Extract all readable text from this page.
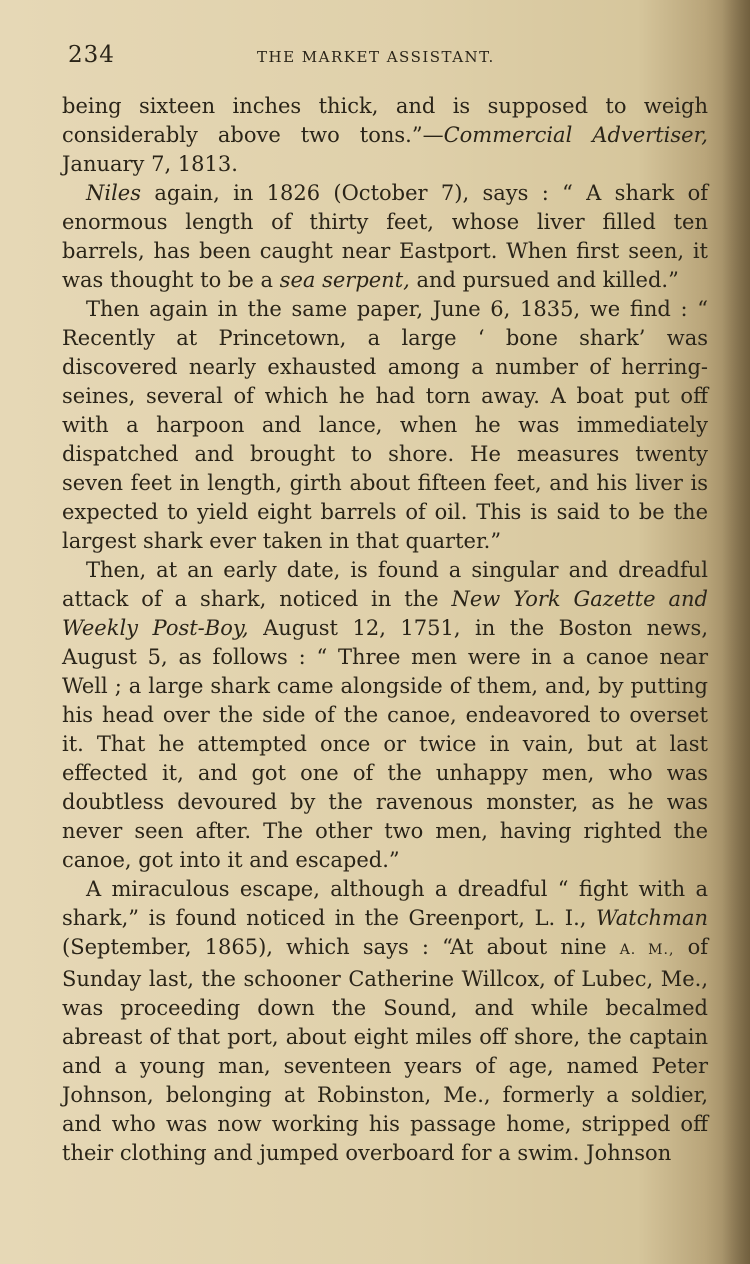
234	THE MARKET ASSISTANT.

being sixteen inches thick, and is supposed to weigh considerably above two tons.”—Commercial Advertiser, January 7, 1813.

Niles again, in 1826 (October 7), says : “ A shark of enormous length of thirty feet, whose liver filled ten barrels, has been caught near Eastport. When first seen, it was thought to be a sea serpent, and pursued and killed.”

Then again in the same paper, June 6, 1835, we find : “ Recently at Princetown, a large ‘ bone shark’ was discovered nearly exhausted among a number of herring-seines, several of which he had torn away. A boat put off with a harpoon and lance, when he was immediately dispatched and brought to shore. He measures twenty seven feet in length, girth about fifteen feet, and his liver is expected to yield eight barrels of oil. This is said to be the largest shark ever taken in that quarter.”

Then, at an early date, is found a singular and dreadful attack of a shark, noticed in the New York Gazette and Weekly Post-Boy, August 12, 1751, in the Boston news, August 5, as follows : “ Three men were in a canoe near Well ; a large shark came alongside of them, and, by putting his head over the side of the canoe, endeavored to overset it. That he attempted once or twice in vain, but at last effected it, and got one of the unhappy men, who was doubtless devoured by the ravenous monster, as he was never seen after. The other two men, having righted the canoe, got into it and escaped.”

A miraculous escape, although a dreadful “ fight with a shark,” is found noticed in the Greenport, L. I., Watchman (September, 1865), which says : “At about nine A. M., of Sunday last, the schooner Catherine Willcox, of Lubec, Me., was proceeding down the Sound, and while becalmed abreast of that port, about eight miles off shore, the captain and a young man, seventeen years of age, named Peter Johnson, belonging at Robinston, Me., formerly a soldier, and who was now working his passage home, stripped off their clothing and jumped overboard for a swim. Johnson
